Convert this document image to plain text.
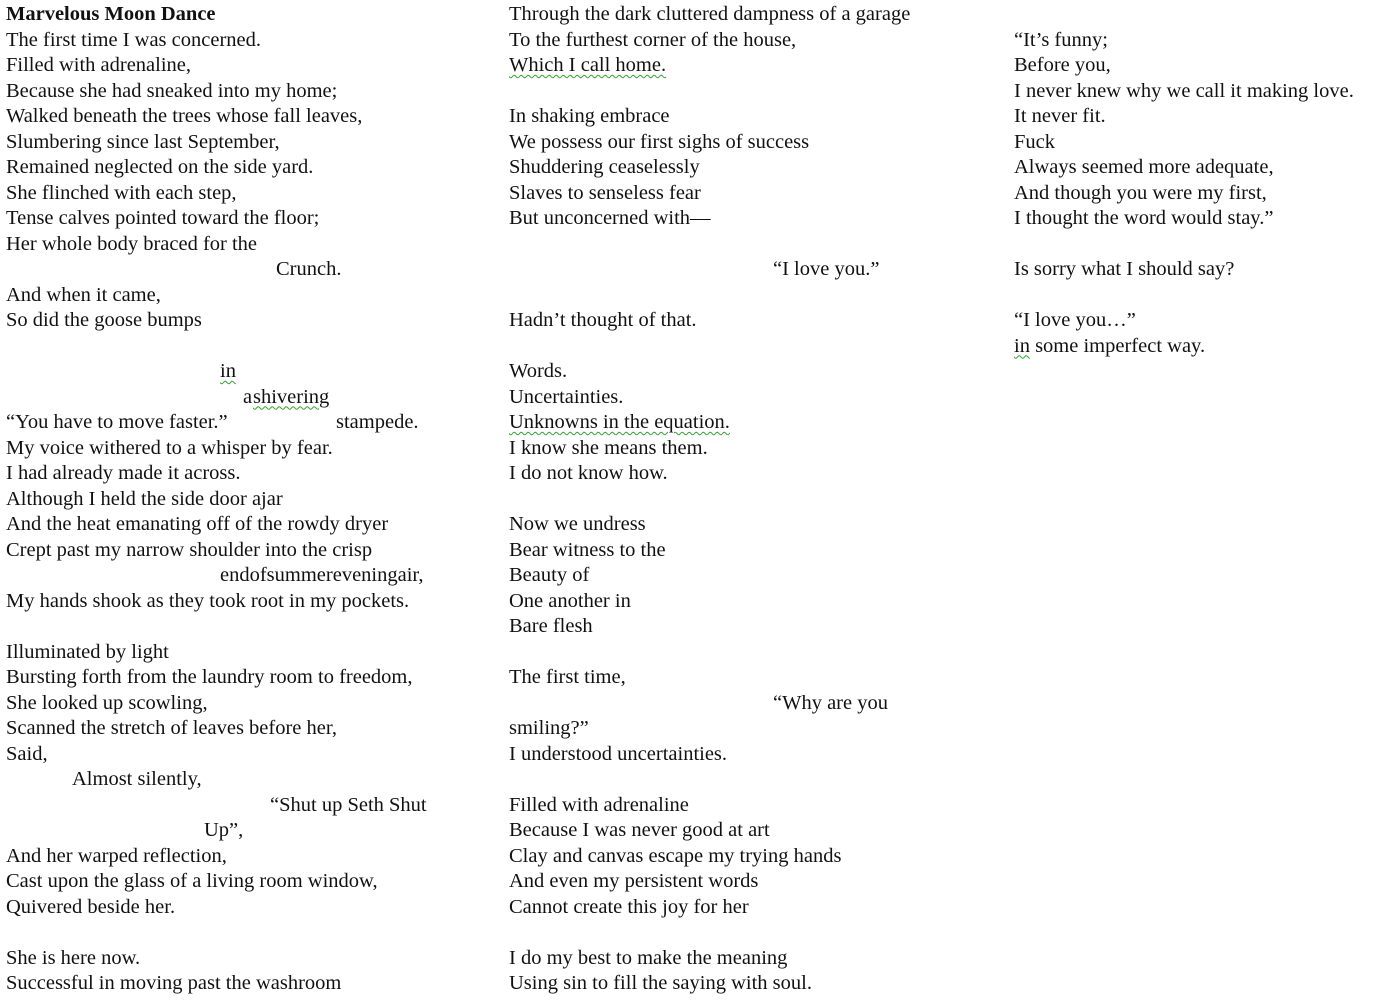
Marvelous Moon Dance
The first time I was concerned.
Filled with adrenaline,
Because she had sneaked into my home;
Walked beneath the trees whose fall leaves,
Slumbering since last September,
Remained neglected on the side yard.
She flinched with each step,
Tense calves pointed toward the floor;
Her whole body braced for the
Crunch.
And when it came,
So did the goose bumps

in

a

stampede.

shivering

“You have to move faster.”
My voice withered to a whisper by fear.
I had already made it across.
Although I held the side door ajar
And the heat emanating off of the rowdy dryer
Crept past my narrow shoulder into the crisp
endofsummereveningair,
My hands shook as they took root in my pockets.
Illuminated by light
Bursting forth from the laundry room to freedom,
She looked up scowling,
Scanned the stretch of leaves before her,
Said,
Almost silently,
“Shut up Seth Shut
Up”,
And her warped reflection,
Cast upon the glass of a living room window,
Quivered beside her.
She is here now.
Successful in moving past the washroom
Through the dark cluttered dampness of a garage
To the furthest corner of the house,
Which I call home.
In shaking embrace
We possess our first sighs of success
Shuddering ceaselessly
Slaves to senseless fear
But unconcerned with—
“I love you.”
Hadn’t thought of that.
Words.
Uncertainties.
Unknowns in the equation.
I know she means them.
I do not know how.
Now we undress
Bear witness to the
Beauty of
One another in
Bare flesh
The first time,
“Why are you
smiling?”
I understood uncertainties.
Filled with adrenaline
Because I was never good at art
Clay and canvas escape my trying hands
And even my persistent words
Cannot create this joy for her
I do my best to make the meaning
Using sin to fill the saying with soul.
“It’s funny;
Before you,
I never knew why we call it making love.
It never fit.
Fuck
Always seemed more adequate,
And though you were my first,
I thought the word would stay.”
Is sorry what I should say?
“I love you…”
in some imperfect way.
